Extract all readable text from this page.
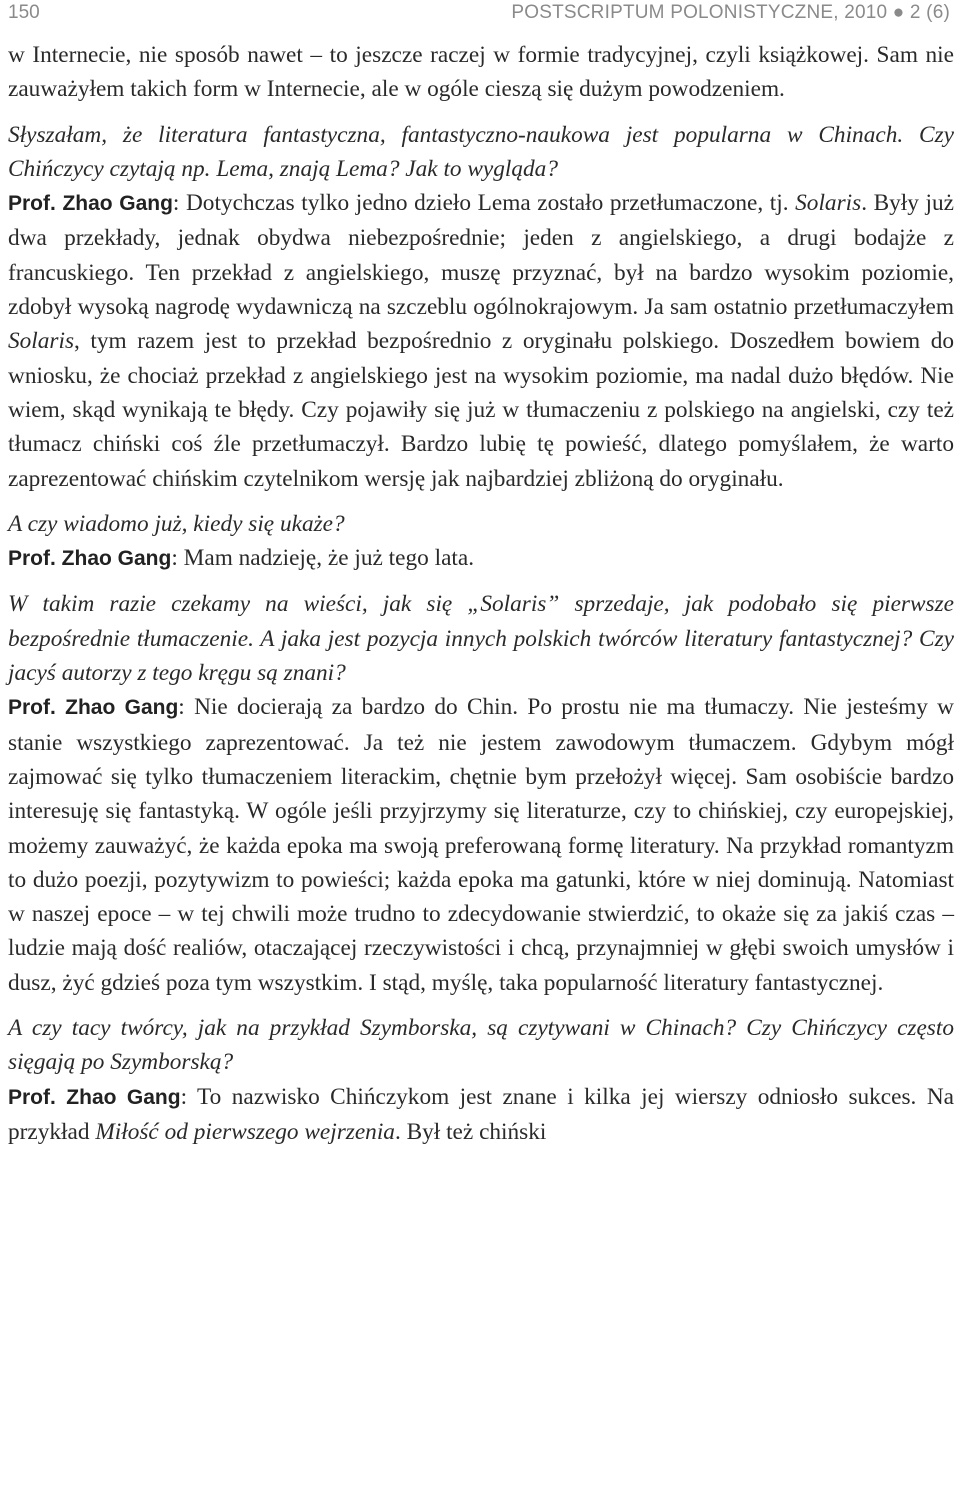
150	POSTSCRIPTUM POLONISTYCZNE, 2010 ● 2 (6)

w Internecie, nie sposób nawet – to jeszcze raczej w formie tradycyjnej, czyli książkowej. Sam nie zauważyłem takich form w Internecie, ale w ogóle cieszą się dużym powodzeniem.

Słyszałam, że literatura fantastyczna, fantastyczno-naukowa jest popularna w Chinach. Czy Chińczycy czytają np. Lema, znają Lema? Jak to wygląda?

Prof. Zhao Gang: Dotychczas tylko jedno dzieło Lema zostało przetłumaczone, tj. Solaris. Były już dwa przekłady, jednak obydwa niebezpośrednie; jeden z angielskiego, a drugi bodajże z francuskiego. Ten przekład z angielskiego, muszę przyznać, był na bardzo wysokim poziomie, zdobył wysoką nagrodę wydawniczą na szczeblu ogólnokrajowym. Ja sam ostatnio przetłumaczyłem Solaris, tym razem jest to przekład bezpośrednio z oryginału polskiego. Doszedłem bowiem do wniosku, że chociaż przekład z angielskiego jest na wysokim poziomie, ma nadal dużo błędów. Nie wiem, skąd wynikają te błędy. Czy pojawiły się już w tłumaczeniu z polskiego na angielski, czy też tłumacz chiński coś źle przetłumaczył. Bardzo lubię tę powieść, dlatego pomyślałem, że warto zaprezentować chińskim czytelnikom wersję jak najbardziej zbliżoną do oryginału.

A czy wiadomo już, kiedy się ukaże?

Prof. Zhao Gang: Mam nadzieję, że już tego lata.

W takim razie czekamy na wieści, jak się „Solaris” sprzedaje, jak podobało się pierwsze bezpośrednie tłumaczenie. A jaka jest pozycja innych polskich twórców literatury fantastycznej? Czy jacyś autorzy z tego kręgu są znani?

Prof. Zhao Gang: Nie docierają za bardzo do Chin. Po prostu nie ma tłumaczy. Nie jesteśmy w stanie wszystkiego zaprezentować. Ja też nie jestem zawodowym tłumaczem. Gdybym mógł zajmować się tylko tłumaczeniem literackim, chętnie bym przełożył więcej. Sam osobiście bardzo interesuję się fantastyką. W ogóle jeśli przyjrzymy się literaturze, czy to chińskiej, czy europejskiej, możemy zauważyć, że każda epoka ma swoją preferowaną formę literatury. Na przykład romantyzm to dużo poezji, pozytywizm to powieści; każda epoka ma gatunki, które w niej dominują. Natomiast w naszej epoce – w tej chwili może trudno to zdecydowanie stwierdzić, to okaże się za jakiś czas – ludzie mają dość realiów, otaczającej rzeczywistości i chcą, przynajmniej w głębi swoich umysłów i dusz, żyć gdzieś poza tym wszystkim. I stąd, myślę, taka popularność literatury fantastycznej.

A czy tacy twórcy, jak na przykład Szymborska, są czytywani w Chinach? Czy Chińczycy często sięgają po Szymborską?

Prof. Zhao Gang: To nazwisko Chińczykom jest znane i kilka jej wierszy odniosło sukces. Na przykład Miłość od pierwszego wejrzenia. Był też chiński
